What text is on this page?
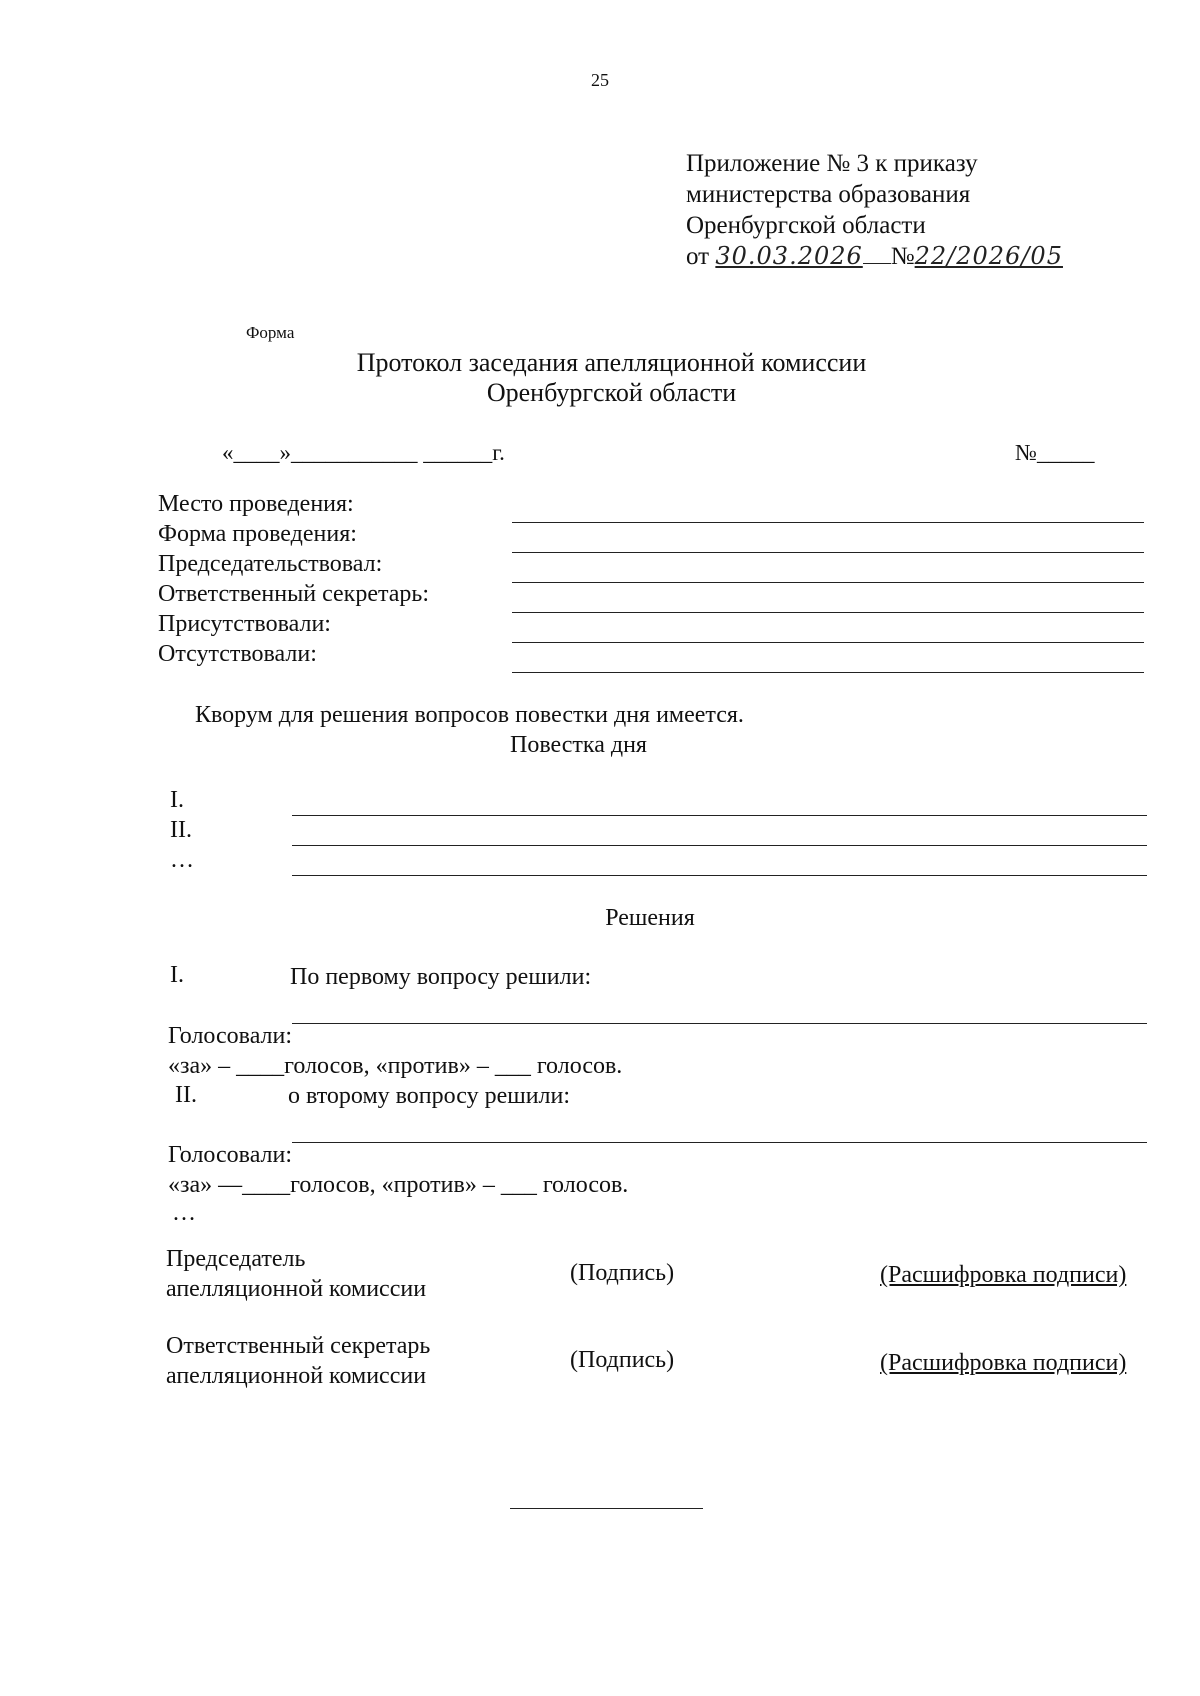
25
Приложение № 3 к приказу
министерства образования
Оренбургской области
от 30.03.2026 №22/2026/05
Форма
Протокол заседания апелляционной комиссии
Оренбургской области
«____»___________ ______г.	№_____
Место проведения:
Форма проведения:
Председательствовал:
Ответственный секретарь:
Присутствовали:
Отсутствовали:
Кворум для решения вопросов повестки дня имеется.
Повестка дня
I.
II.
…
Решения
I.	По первому вопросу решили:
Голосовали:
«за» – ____голосов, «против» – ___ голосов.
II.	о второму вопросу решили:
Голосовали:
«за» —____голосов, «против» – ___ голосов.
…
Председатель
апелляционной комиссии
(Подпись)	(Расшифровка подписи)
Ответственный секретарь
апелляционной комиссии
(Подпись)	(Расшифровка подписи)
